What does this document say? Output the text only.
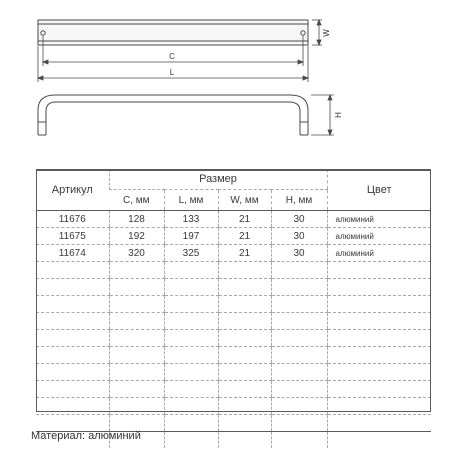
W
C
L
H
Артикул	Размер				Цвет
	C, мм	L, мм	W, мм	H, мм	
11676	128	133	21	30	алюминий
11675	192	197	21	30	алюминий
11674	320	325	21	30	алюминий

Материал: алюминий
